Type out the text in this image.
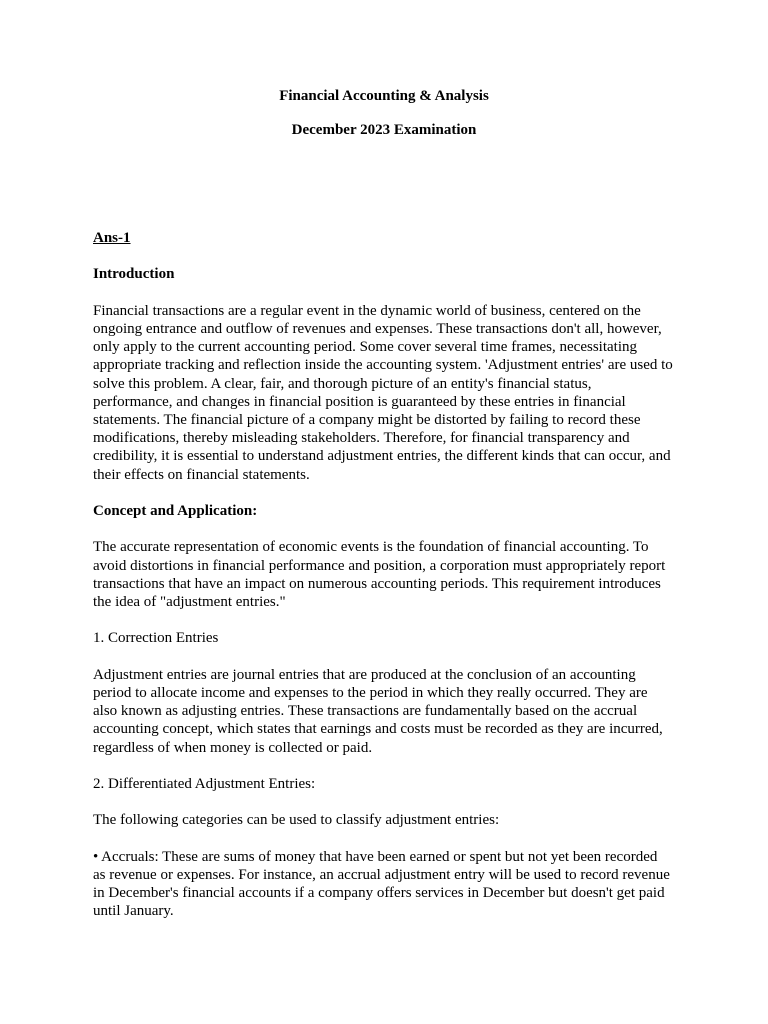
Financial Accounting & Analysis
December 2023 Examination
Ans-1
Introduction

Financial transactions are a regular event in the dynamic world of business, centered on the ongoing entrance and outflow of revenues and expenses. These transactions don't all, however, only apply to the current accounting period. Some cover several time frames, necessitating appropriate tracking and reflection inside the accounting system. 'Adjustment entries' are used to solve this problem. A clear, fair, and thorough picture of an entity's financial status, performance, and changes in financial position is guaranteed by these entries in financial statements. The financial picture of a company might be distorted by failing to record these modifications, thereby misleading stakeholders. Therefore, for financial transparency and credibility, it is essential to understand adjustment entries, the different kinds that can occur, and their effects on financial statements.

Concept and Application:

The accurate representation of economic events is the foundation of financial accounting. To avoid distortions in financial performance and position, a corporation must appropriately report transactions that have an impact on numerous accounting periods. This requirement introduces the idea of "adjustment entries."

1. Correction Entries

Adjustment entries are journal entries that are produced at the conclusion of an accounting period to allocate income and expenses to the period in which they really occurred. They are also known as adjusting entries. These transactions are fundamentally based on the accrual accounting concept, which states that earnings and costs must be recorded as they are incurred, regardless of when money is collected or paid.

2. Differentiated Adjustment Entries:

The following categories can be used to classify adjustment entries:

• Accruals: These are sums of money that have been earned or spent but not yet been recorded as revenue or expenses. For instance, an accrual adjustment entry will be used to record revenue in December's financial accounts if a company offers services in December but doesn't get paid until January.
